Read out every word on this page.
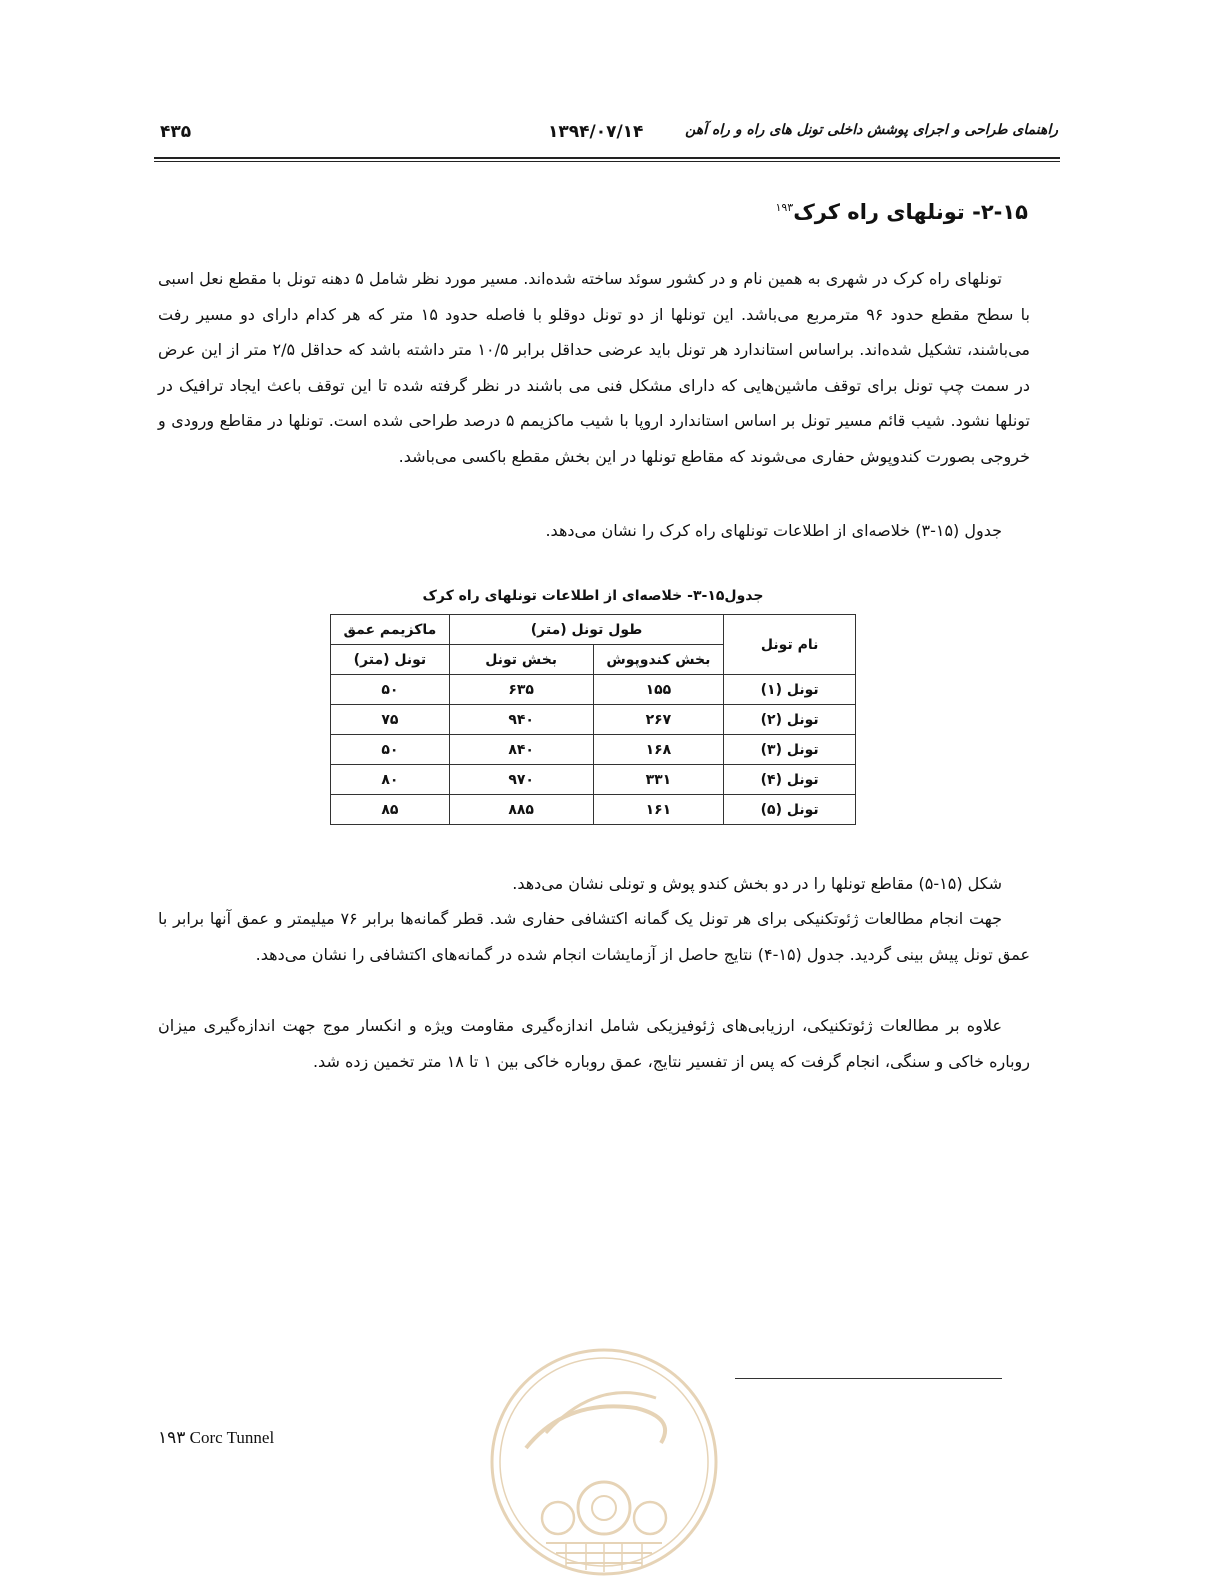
راهنمای طراحی و اجرای پوشش داخلی تونل های راه و راه آهن
۱۳۹۴/۰۷/۱۴
۴۳۵
۲-۱۵- تونلهای راه کرک$^{۱۹۳}$

تونلهای راه کرک در شهری به همین نام و در کشور سوئد ساخته شده‌اند. مسیر مورد نظر شامل ۵ دهنه تونل با مقطع نعل اسبی با سطح مقطع حدود ۹۶ مترمربع می‌باشد. این تونلها از دو تونل دوقلو با فاصله حدود ۱۵ متر که هر کدام دارای دو مسیر رفت می‌باشند، تشکیل شده‌اند. براساس استاندارد هر تونل باید عرضی حداقل برابر ۱۰/۵ متر داشته باشد که حداقل ۲/۵ متر از این عرض در سمت چپ تونل برای توقف ماشین‌هایی که دارای مشکل فنی می باشند در نظر گرفته شده تا این توقف باعث ایجاد ترافیک در تونلها نشود. شیب قائم مسیر تونل بر اساس استاندارد اروپا با شیب ماکزیمم ۵ درصد طراحی شده است. تونلها در مقاطع ورودی و خروجی بصورت کندوپوش حفاری می‌شوند که مقاطع تونلها در این بخش مقطع باکسی می‌باشد.

جدول (۱۵-۳) خلاصه‌ای از اطلاعات تونلهای راه کرک را نشان می‌دهد.

جدول۱۵-۳- خلاصه‌ای از اطلاعات تونلهای راه کرک
نام تونل	طول تونل (متر)		ماکزیمم عمق
	بخش کندوپوش	بخش تونل	تونل (متر)
تونل (۱)	۱۵۵	۶۳۵	۵۰
تونل (۲)	۲۶۷	۹۴۰	۷۵
تونل (۳)	۱۶۸	۸۴۰	۵۰
تونل (۴)	۳۳۱	۹۷۰	۸۰
تونل (۵)	۱۶۱	۸۸۵	۸۵

شکل (۱۵-۵) مقاطع تونلها را در دو بخش کندو پوش و تونلی نشان می‌دهد.

جهت انجام مطالعات ژئوتکنیکی برای هر تونل یک گمانه اکتشافی حفاری شد. قطر گمانه‌ها برابر ۷۶ میلیمتر و عمق آنها برابر با عمق تونل پیش بینی گردید. جدول (۱۵-۴) نتایج حاصل از آزمایشات انجام شده در گمانه‌های اکتشافی را نشان می‌دهد.

علاوه بر مطالعات ژئوتکنیکی، ارزیابی‌های ژئوفیزیکی شامل اندازه‌گیری مقاومت ویژه و انکسار موج جهت اندازه‌گیری میزان روباره خاکی و سنگی، انجام گرفت که پس از تفسیر نتایج، عمق روباره خاکی بین ۱ تا ۱۸ متر تخمین زده شد.

۱۹۳ Corc Tunnel
